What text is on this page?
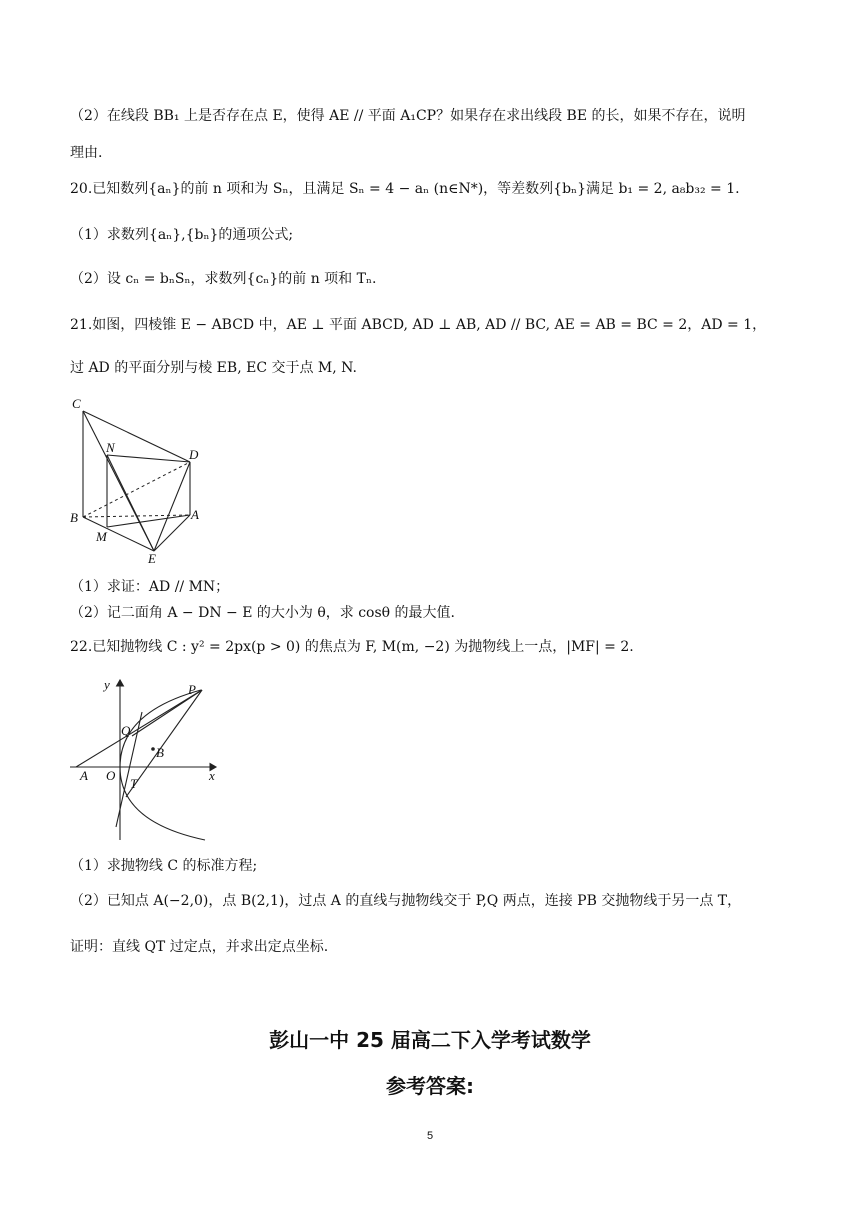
（2）在线段 BB₁ 上是否存在点 E，使得 AE // 平面 A₁CP？如果存在求出线段 BE 的长，如果不存在，说明
理由.
20.已知数列{aₙ}的前 n 项和为 Sₙ，且满足 Sₙ = 4 − aₙ (n∈N*)，等差数列{bₙ}满足 b₁ = 2, a₈b₃₂ = 1.
（1）求数列{aₙ},{bₙ}的通项公式;
（2）设 cₙ = bₙSₙ，求数列{cₙ}的前 n 项和 Tₙ.
21.如图，四棱锥 E − ABCD 中，AE ⊥ 平面 ABCD, AD ⊥ AB, AD // BC, AE = AB = BC = 2，AD = 1，
过 AD 的平面分别与棱 EB, EC 交于点 M, N.
C
N	D
B	A
M
E
（1）求证：AD // MN；
（2）记二面角 A − DN − E 的大小为 θ，求 cosθ 的最大值.
22.已知抛物线 C : y² = 2px(p > 0) 的焦点为 F, M(m, −2) 为抛物线上一点，|MF| = 2.
y
x
P
Q
B
A O
T
（1）求抛物线 C 的标准方程;
（2）已知点 A(−2,0)，点 B(2,1)，过点 A 的直线与抛物线交于 P,Q 两点，连接 PB 交抛物线于另一点 T，
证明：直线 QT 过定点，并求出定点坐标.
彭山一中 25 届高二下入学考试数学
参考答案:
5
